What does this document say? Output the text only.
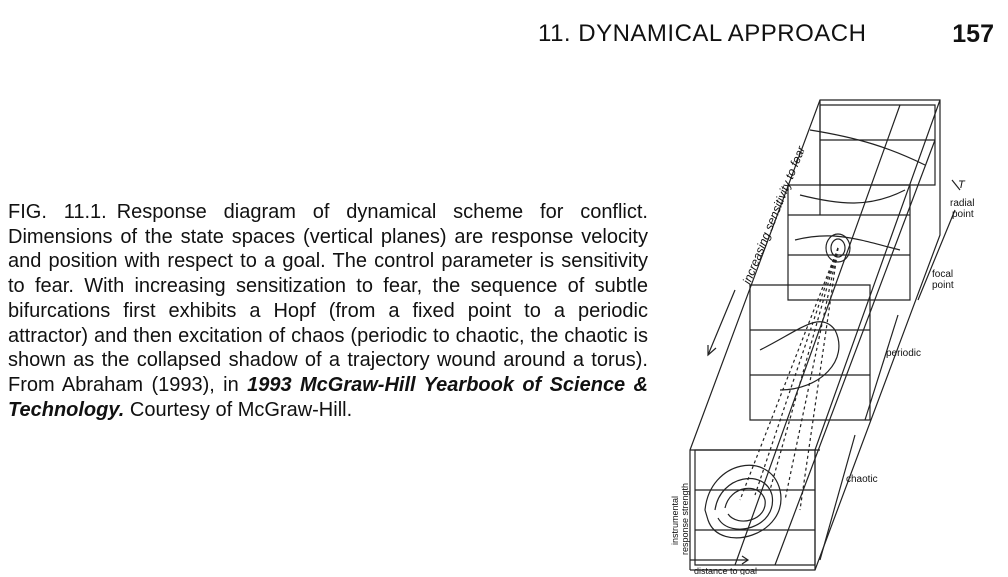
11. DYNAMICAL APPROACH	157

FIG. 11.1. Response diagram of dynamical scheme for conflict. Dimensions of the state spaces (vertical planes) are response velocity and position with respect to a goal. The control parameter is sensitivity to fear. With increasing sensitization to fear, the sequence of subtle bifurcations first exhibits a Hopf (from a fixed point to a periodic attractor) and then excitation of chaos (periodic to chaotic, the chaotic is shown as the collapsed shadow of a trajectory wound around a torus). From Abraham (1993), in 1993 McGraw-Hill Yearbook of Science & Technology. Courtesy of McGraw-Hill.

increasing sensitivity to fear	T
radial
point
focal
point
periodic
chaotic
instrumental response strength
distance to goal
